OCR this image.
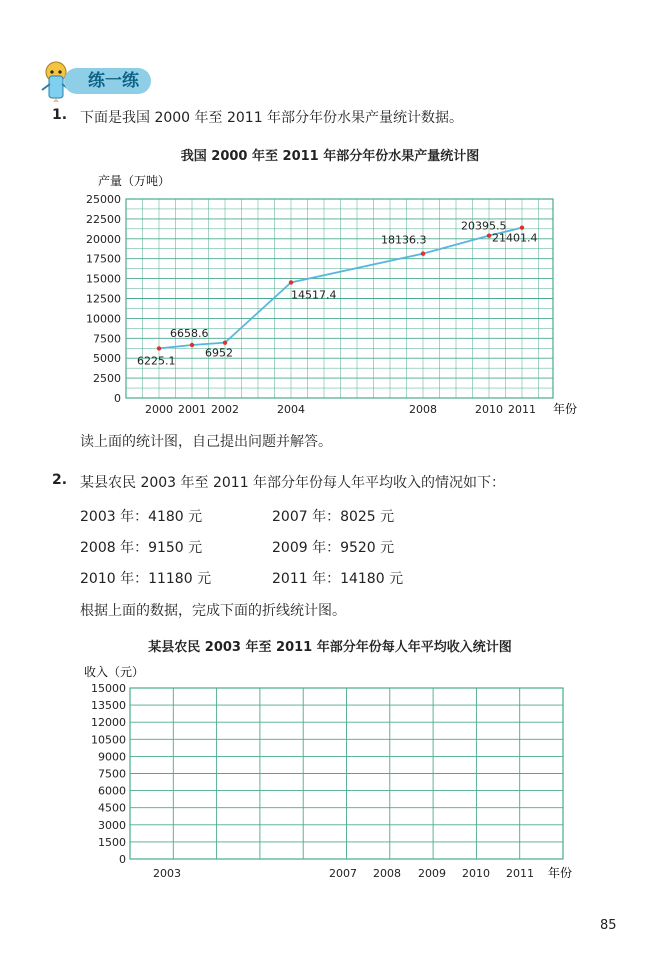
练一练
1. 下面是我国 2000 年至 2011 年部分年份水果产量统计数据。
我国 2000 年至 2011 年部分年份水果产量统计图
产量（万吨）
0
2500
5000
7500
10000
12500
15000
17500
20000
22500
25000
2000 2001 2002	2004	2008	2010 2011
6225.1
6658.6
6952
14517.4
18136.3
20395.5
21401.4
年份
读上面的统计图，自己提出问题并解答。
2. 某县农民 2003 年至 2011 年部分年份每人年平均收入的情况如下：
2003 年：4180 元	2007 年：8025 元
2008 年：9150 元	2009 年：9520 元
2010 年：11180 元	2011 年：14180 元
根据上面的数据，完成下面的折线统计图。
某县农民 2003 年至 2011 年部分年份每人年平均收入统计图
收入（元）
0
1500
3000
4500
6000
7500
9000
10500
12000
13500
15000
2003	2007 2008 2009 2010 2011 年份
85
